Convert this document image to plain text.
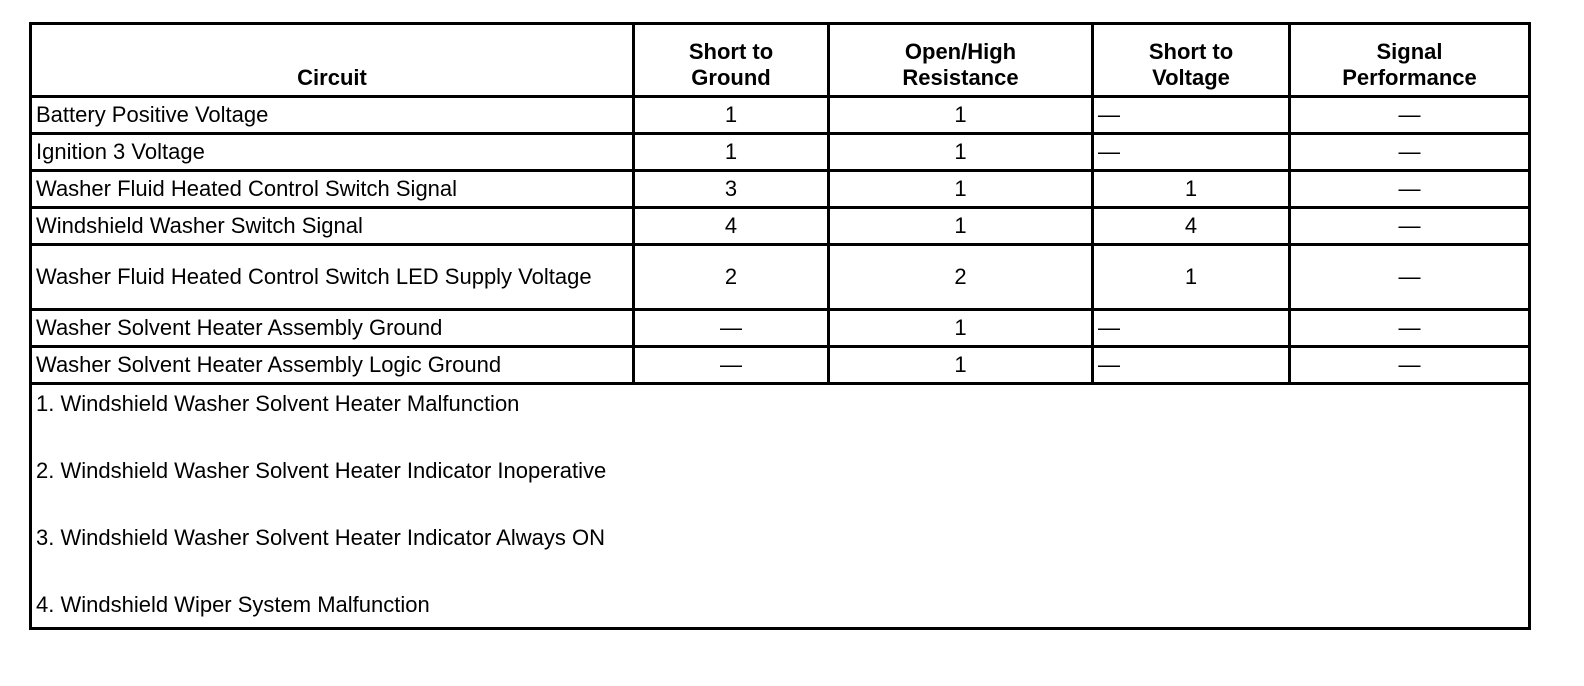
Circuit	Short to Ground	Open/High Resistance	Short to Voltage	Signal Performance
Battery Positive Voltage	1	1	—	—
Ignition 3 Voltage	1	1	—	—
Washer Fluid Heated Control Switch Signal	3	1	1	—
Windshield Washer Switch Signal	4	1	4	—
Washer Fluid Heated Control Switch LED Supply Voltage	2	2	1	—
Washer Solvent Heater Assembly Ground	—	1	—	—
Washer Solvent Heater Assembly Logic Ground	—	1	—	—

1. Windshield Washer Solvent Heater Malfunction
2. Windshield Washer Solvent Heater Indicator Inoperative
3. Windshield Washer Solvent Heater Indicator Always ON
4. Windshield Wiper System Malfunction				
